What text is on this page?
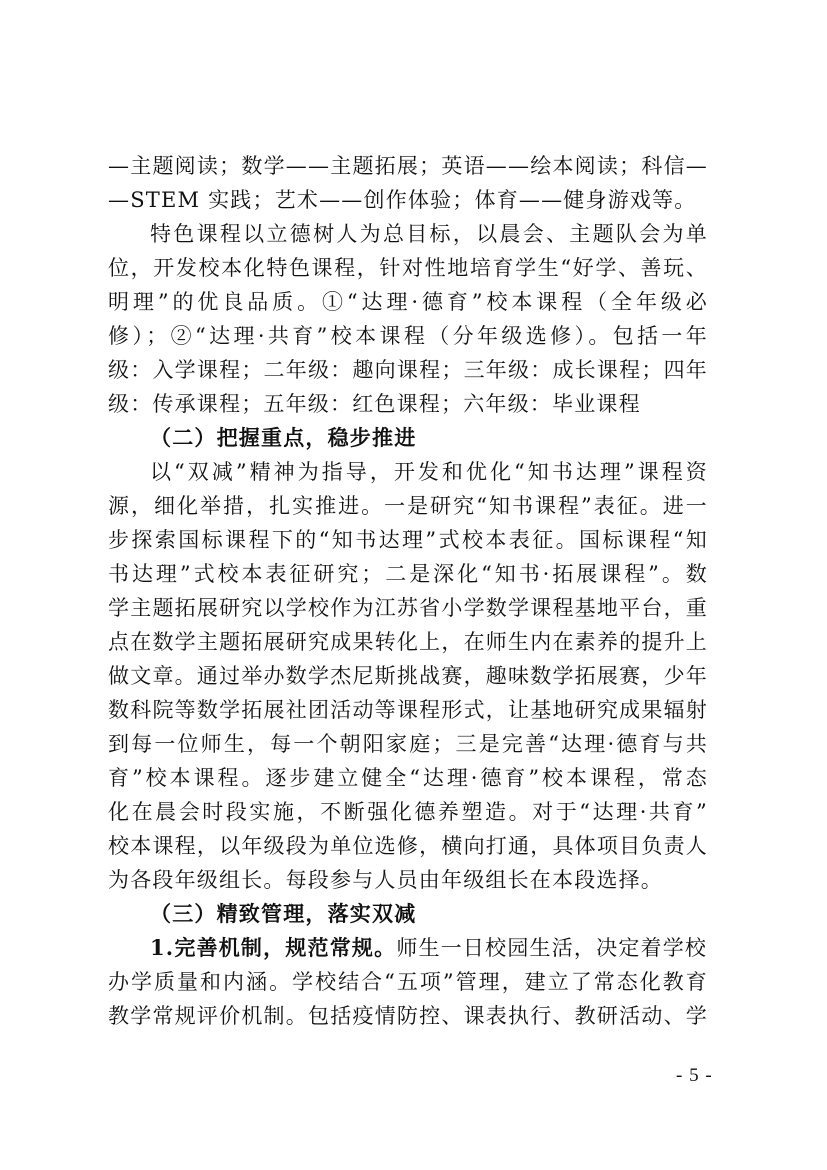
—主题阅读；数学——主题拓展；英语——绘本阅读；科信—
—STEM 实践；艺术——创作体验；体育——健身游戏等。
特色课程以立德树人为总目标，以晨会、主题队会为单
位，开发校本化特色课程，针对性地培育学生“好学、善玩、
明理”的优良品质。①“达理·德育”校本课程（全年级必
修）；②“达理·共育”校本课程（分年级选修）。包括一年
级：入学课程；二年级：趣向课程；三年级：成长课程；四年
级：传承课程；五年级：红色课程；六年级：毕业课程
（二）把握重点，稳步推进
以“双减”精神为指导，开发和优化“知书达理”课程资
源，细化举措，扎实推进。一是研究“知书课程”表征。进一
步探索国标课程下的“知书达理”式校本表征。国标课程“知
书达理”式校本表征研究；二是深化“知书·拓展课程”。数
学主题拓展研究以学校作为江苏省小学数学课程基地平台，重
点在数学主题拓展研究成果转化上，在师生内在素养的提升上
做文章。通过举办数学杰尼斯挑战赛，趣味数学拓展赛，少年
数科院等数学拓展社团活动等课程形式，让基地研究成果辐射
到每一位师生，每一个朝阳家庭；三是完善“达理·德育与共
育”校本课程。逐步建立健全“达理·德育”校本课程，常态
化在晨会时段实施，不断强化德养塑造。对于“达理·共育”
校本课程，以年级段为单位选修，横向打通，具体项目负责人
为各段年级组长。每段参与人员由年级组长在本段选择。
（三）精致管理，落实双减
1.完善机制，规范常规。师生一日校园生活，决定着学校
办学质量和内涵。学校结合“五项”管理，建立了常态化教育
教学常规评价机制。包括疫情防控、课表执行、教研活动、学
- 5 -
